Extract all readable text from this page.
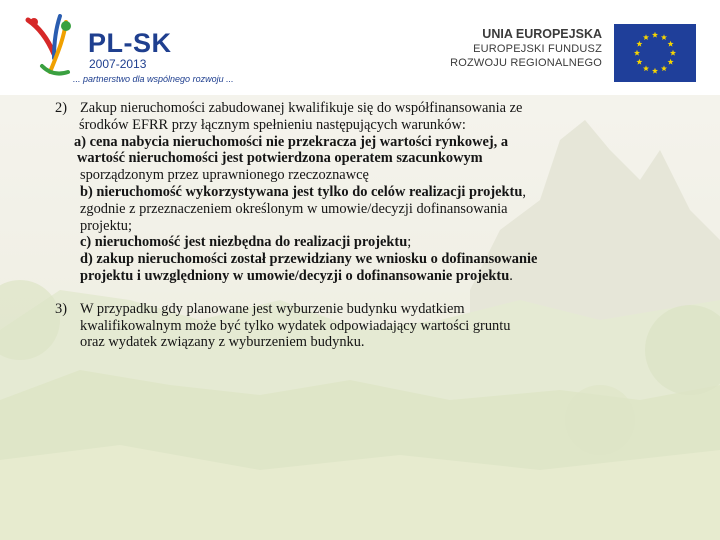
PL-SK
2007-2013
... partnerstwo dla wspólnego rozwoju ...
UNIA EUROPEJSKA
EUROPEJSKI FUNDUSZ
ROZWOJU REGIONALNEGO
2) Zakup nieruchomości zabudowanej kwalifikuje się do współfinansowania ze
środków EFRR przy łącznym spełnieniu następujących warunków:
a) cena nabycia nieruchomości nie przekracza jej wartości rynkowej, a
wartość nieruchomości jest potwierdzona operatem szacunkowym
sporządzonym przez uprawnionego rzeczoznawcę
b) nieruchomość wykorzystywana jest tylko do celów realizacji projektu,
zgodnie z przeznaczeniem określonym w umowie/decyzji dofinansowania
projektu;
c) nieruchomość jest niezbędna do realizacji projektu;
d) zakup nieruchomości został przewidziany we wniosku o dofinansowanie
projektu i uwzględniony w umowie/decyzji o dofinansowanie projektu.
3) W przypadku gdy planowane jest wyburzenie budynku wydatkiem
kwalifikowalnym może być tylko wydatek odpowiadający wartości gruntu
oraz wydatek związany z wyburzeniem budynku.
